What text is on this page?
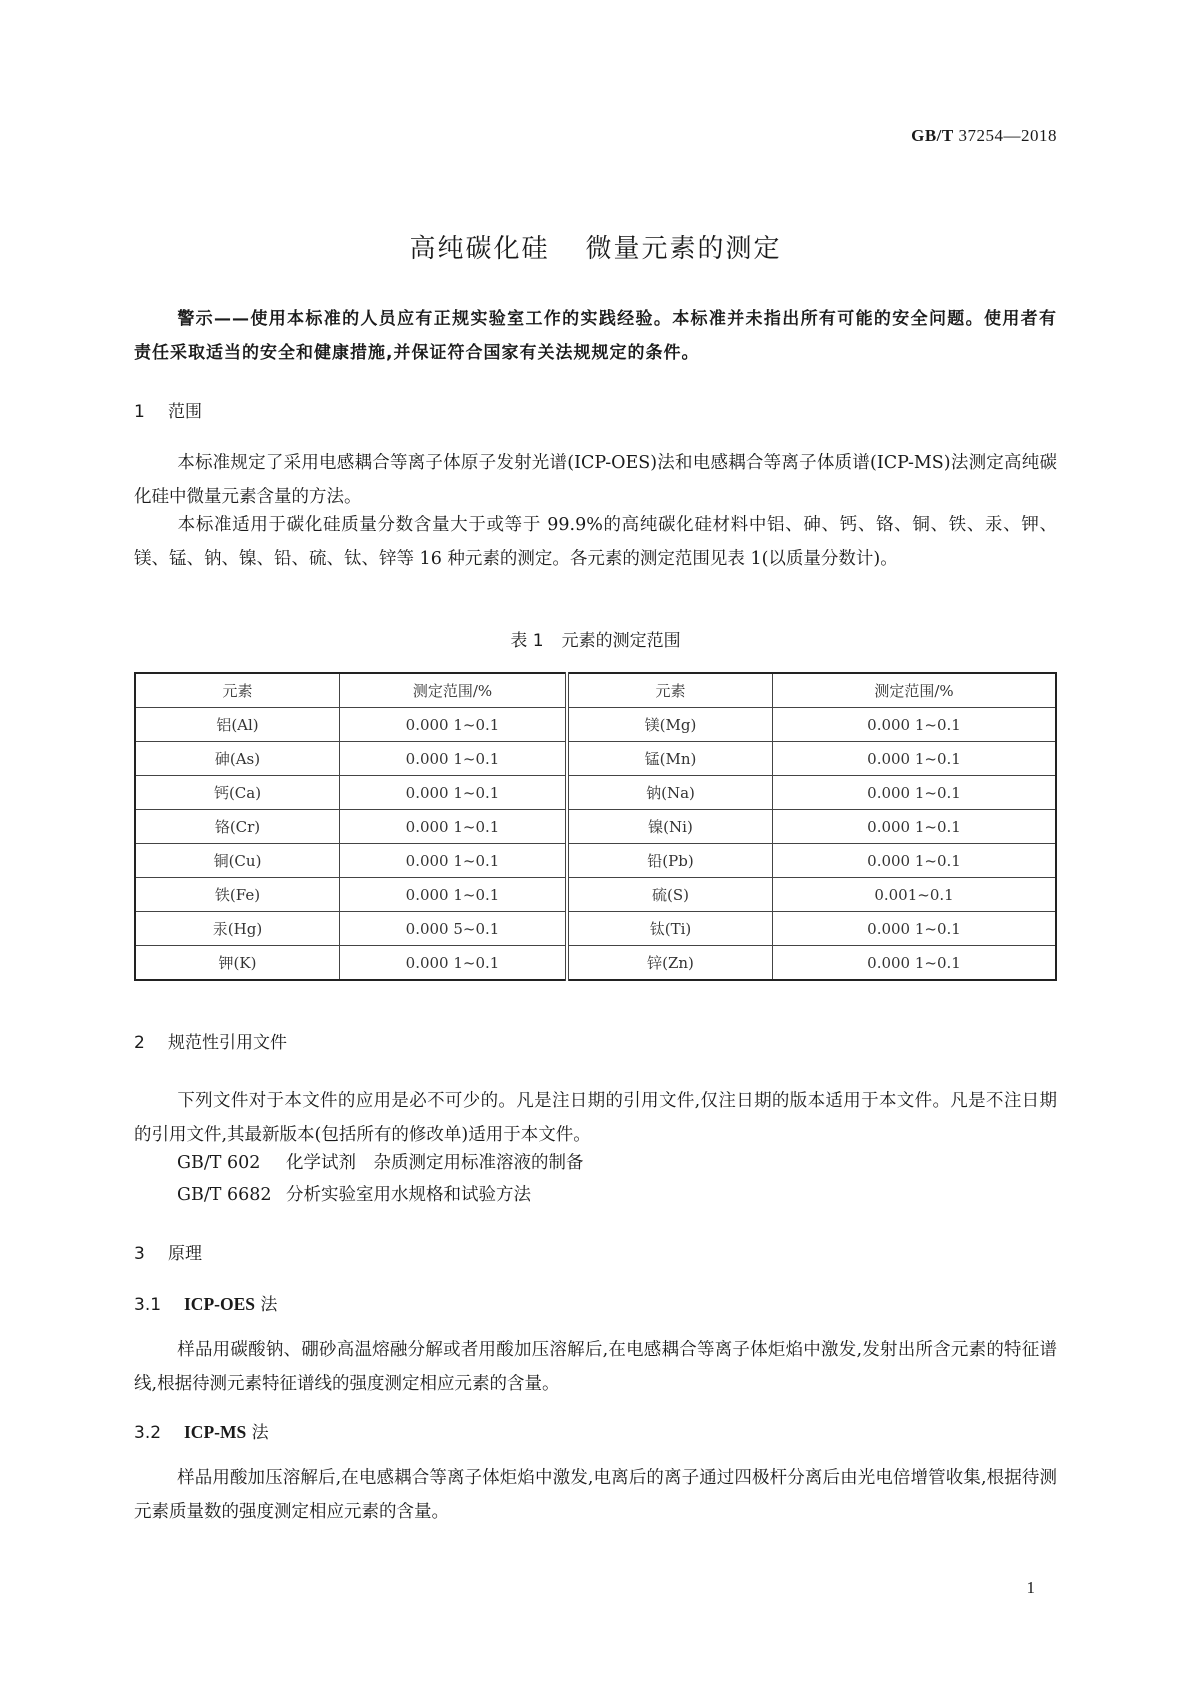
GB/T 37254—2018
高纯碳化硅 微量元素的测定

警示——使用本标准的人员应有正规实验室工作的实践经验。本标准并未指出所有可能的安全问题。使用者有责任采取适当的安全和健康措施,并保证符合国家有关法规规定的条件。

1 范围

本标准规定了采用电感耦合等离子体原子发射光谱(ICP-OES)法和电感耦合等离子体质谱(ICP-MS)法测定高纯碳化硅中微量元素含量的方法。

本标准适用于碳化硅质量分数含量大于或等于 99.9%的高纯碳化硅材料中铝、砷、钙、铬、铜、铁、汞、钾、镁、锰、钠、镍、铅、硫、钛、锌等 16 种元素的测定。各元素的测定范围见表 1(以质量分数计)。

表 1 元素的测定范围
元素	测定范围/%	元素	测定范围/%
铝(Al)	0.000 1~0.1	镁(Mg)	0.000 1~0.1
砷(As)	0.000 1~0.1	锰(Mn)	0.000 1~0.1
钙(Ca)	0.000 1~0.1	钠(Na)	0.000 1~0.1
铬(Cr)	0.000 1~0.1	镍(Ni)	0.000 1~0.1
铜(Cu)	0.000 1~0.1	铅(Pb)	0.000 1~0.1
铁(Fe)	0.000 1~0.1	硫(S)	0.001~0.1
汞(Hg)	0.000 5~0.1	钛(Ti)	0.000 1~0.1
钾(K)	0.000 1~0.1	锌(Zn)	0.000 1~0.1
2 规范性引用文件

下列文件对于本文件的应用是必不可少的。凡是注日期的引用文件,仅注日期的版本适用于本文件。凡是不注日期的引用文件,其最新版本(包括所有的修改单)适用于本文件。

GB/T 602 化学试剂　杂质测定用标准溶液的制备
GB/T 6682 分析实验室用水规格和试验方法
3 原理
3.1 ICP-OES 法

样品用碳酸钠、硼砂高温熔融分解或者用酸加压溶解后,在电感耦合等离子体炬焰中激发,发射出所含元素的特征谱线,根据待测元素特征谱线的强度测定相应元素的含量。

3.2 ICP-MS 法

样品用酸加压溶解后,在电感耦合等离子体炬焰中激发,电离后的离子通过四极杆分离后由光电倍增管收集,根据待测元素质量数的强度测定相应元素的含量。

1
